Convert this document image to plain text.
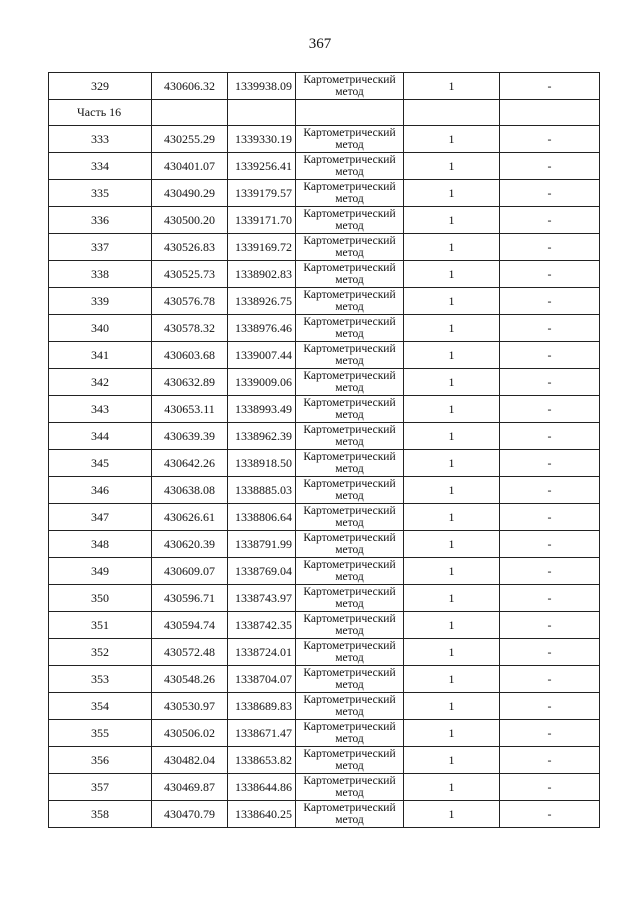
367
329	430606.32	1339938.09	Картометрический метод	1	-
Часть 16					
333	430255.29	1339330.19	Картометрический метод	1	-
334	430401.07	1339256.41	Картометрический метод	1	-
335	430490.29	1339179.57	Картометрический метод	1	-
336	430500.20	1339171.70	Картометрический метод	1	-
337	430526.83	1339169.72	Картометрический метод	1	-
338	430525.73	1338902.83	Картометрический метод	1	-
339	430576.78	1338926.75	Картометрический метод	1	-
340	430578.32	1338976.46	Картометрический метод	1	-
341	430603.68	1339007.44	Картометрический метод	1	-
342	430632.89	1339009.06	Картометрический метод	1	-
343	430653.11	1338993.49	Картометрический метод	1	-
344	430639.39	1338962.39	Картометрический метод	1	-
345	430642.26	1338918.50	Картометрический метод	1	-
346	430638.08	1338885.03	Картометрический метод	1	-
347	430626.61	1338806.64	Картометрический метод	1	-
348	430620.39	1338791.99	Картометрический метод	1	-
349	430609.07	1338769.04	Картометрический метод	1	-
350	430596.71	1338743.97	Картометрический метод	1	-
351	430594.74	1338742.35	Картометрический метод	1	-
352	430572.48	1338724.01	Картометрический метод	1	-
353	430548.26	1338704.07	Картометрический метод	1	-
354	430530.97	1338689.83	Картометрический метод	1	-
355	430506.02	1338671.47	Картометрический метод	1	-
356	430482.04	1338653.82	Картометрический метод	1	-
357	430469.87	1338644.86	Картометрический метод	1	-
358	430470.79	1338640.25	Картометрический метод	1	-
